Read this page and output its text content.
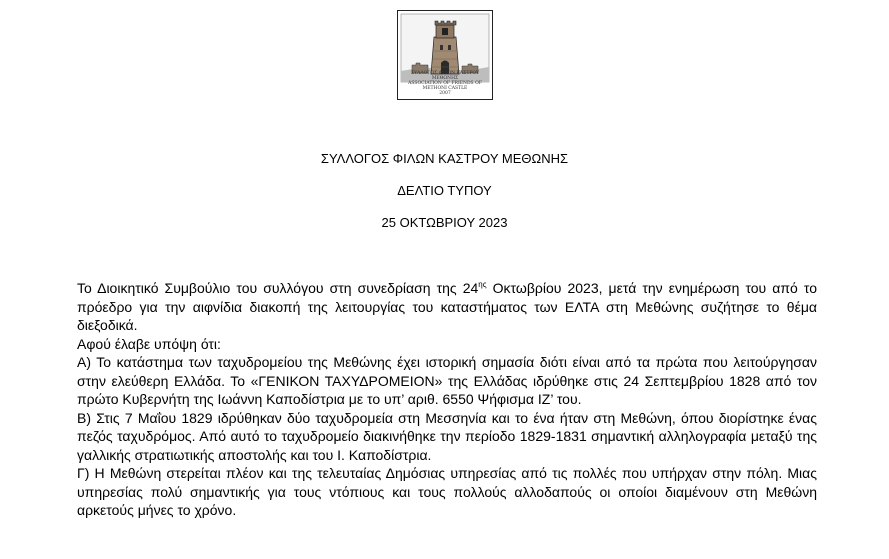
ΣΥΛΛΟΓΟΣ ΦΙΛΩΝ ΚΑΣΤΡΟΥ ΜΕΘΩΝΗΣ
ASSOCIATION OF FRIENDS OF METHONI CASTLE
2007
ΣΥΛΛΟΓΟΣ ΦΙΛΩΝ ΚΑΣΤΡΟΥ ΜΕΘΩΝΗΣ
ΔΕΛΤΙΟ ΤΥΠΟΥ
25 ΟΚΤΩΒΡΙΟΥ 2023

Το Διοικητικό Συμβούλιο του συλλόγου στη συνεδρίαση της $24^{\eta\varsigma}$ Οκτωβρίου 2023, μετά την ενημέρωση του από το πρόεδρο για την αιφνίδια διακοπή της λειτουργίας του καταστήματος των ΕΛΤΑ στη Μεθώνης συζήτησε το θέμα διεξοδικά.

Αφού έλαβε υπόψη ότι:

Α) Το κατάστημα των ταχυδρομείου της Μεθώνης έχει ιστορική σημασία διότι είναι από τα πρώτα που λειτούργησαν στην ελεύθερη Ελλάδα. Το «ΓΕΝΙΚΟΝ ΤΑΧΥΔΡΟΜΕΙΟΝ» της Ελλάδας ιδρύθηκε στις 24 Σεπτεμβρίου 1828 από τον πρώτο Κυβερνήτη της Ιωάννη Καποδίστρια με το υπ’ αριθ. 6550 Ψήφισμα ΙΖ’ του.

Β) Στις 7 Μαΐου 1829 ιδρύθηκαν δύο ταχυδρομεία στη Μεσσηνία και το ένα ήταν στη Μεθώνη, όπου διορίστηκε ένας πεζός ταχυδρόμος. Από αυτό το ταχυδρομείο διακινήθηκε την περίοδο 1829-1831 σημαντική αλληλογραφία μεταξύ της γαλλικής στρατιωτικής αποστολής και του Ι. Καποδίστρια.

Γ) Η Μεθώνη στερείται πλέον και της τελευταίας Δημόσιας υπηρεσίας από τις πολλές που υπήρχαν στην πόλη. Μιας υπηρεσίας πολύ σημαντικής για τους ντόπιους και τους πολλούς αλλοδαπούς οι οποίοι διαμένουν στη Μεθώνη αρκετούς μήνες το χρόνο.
